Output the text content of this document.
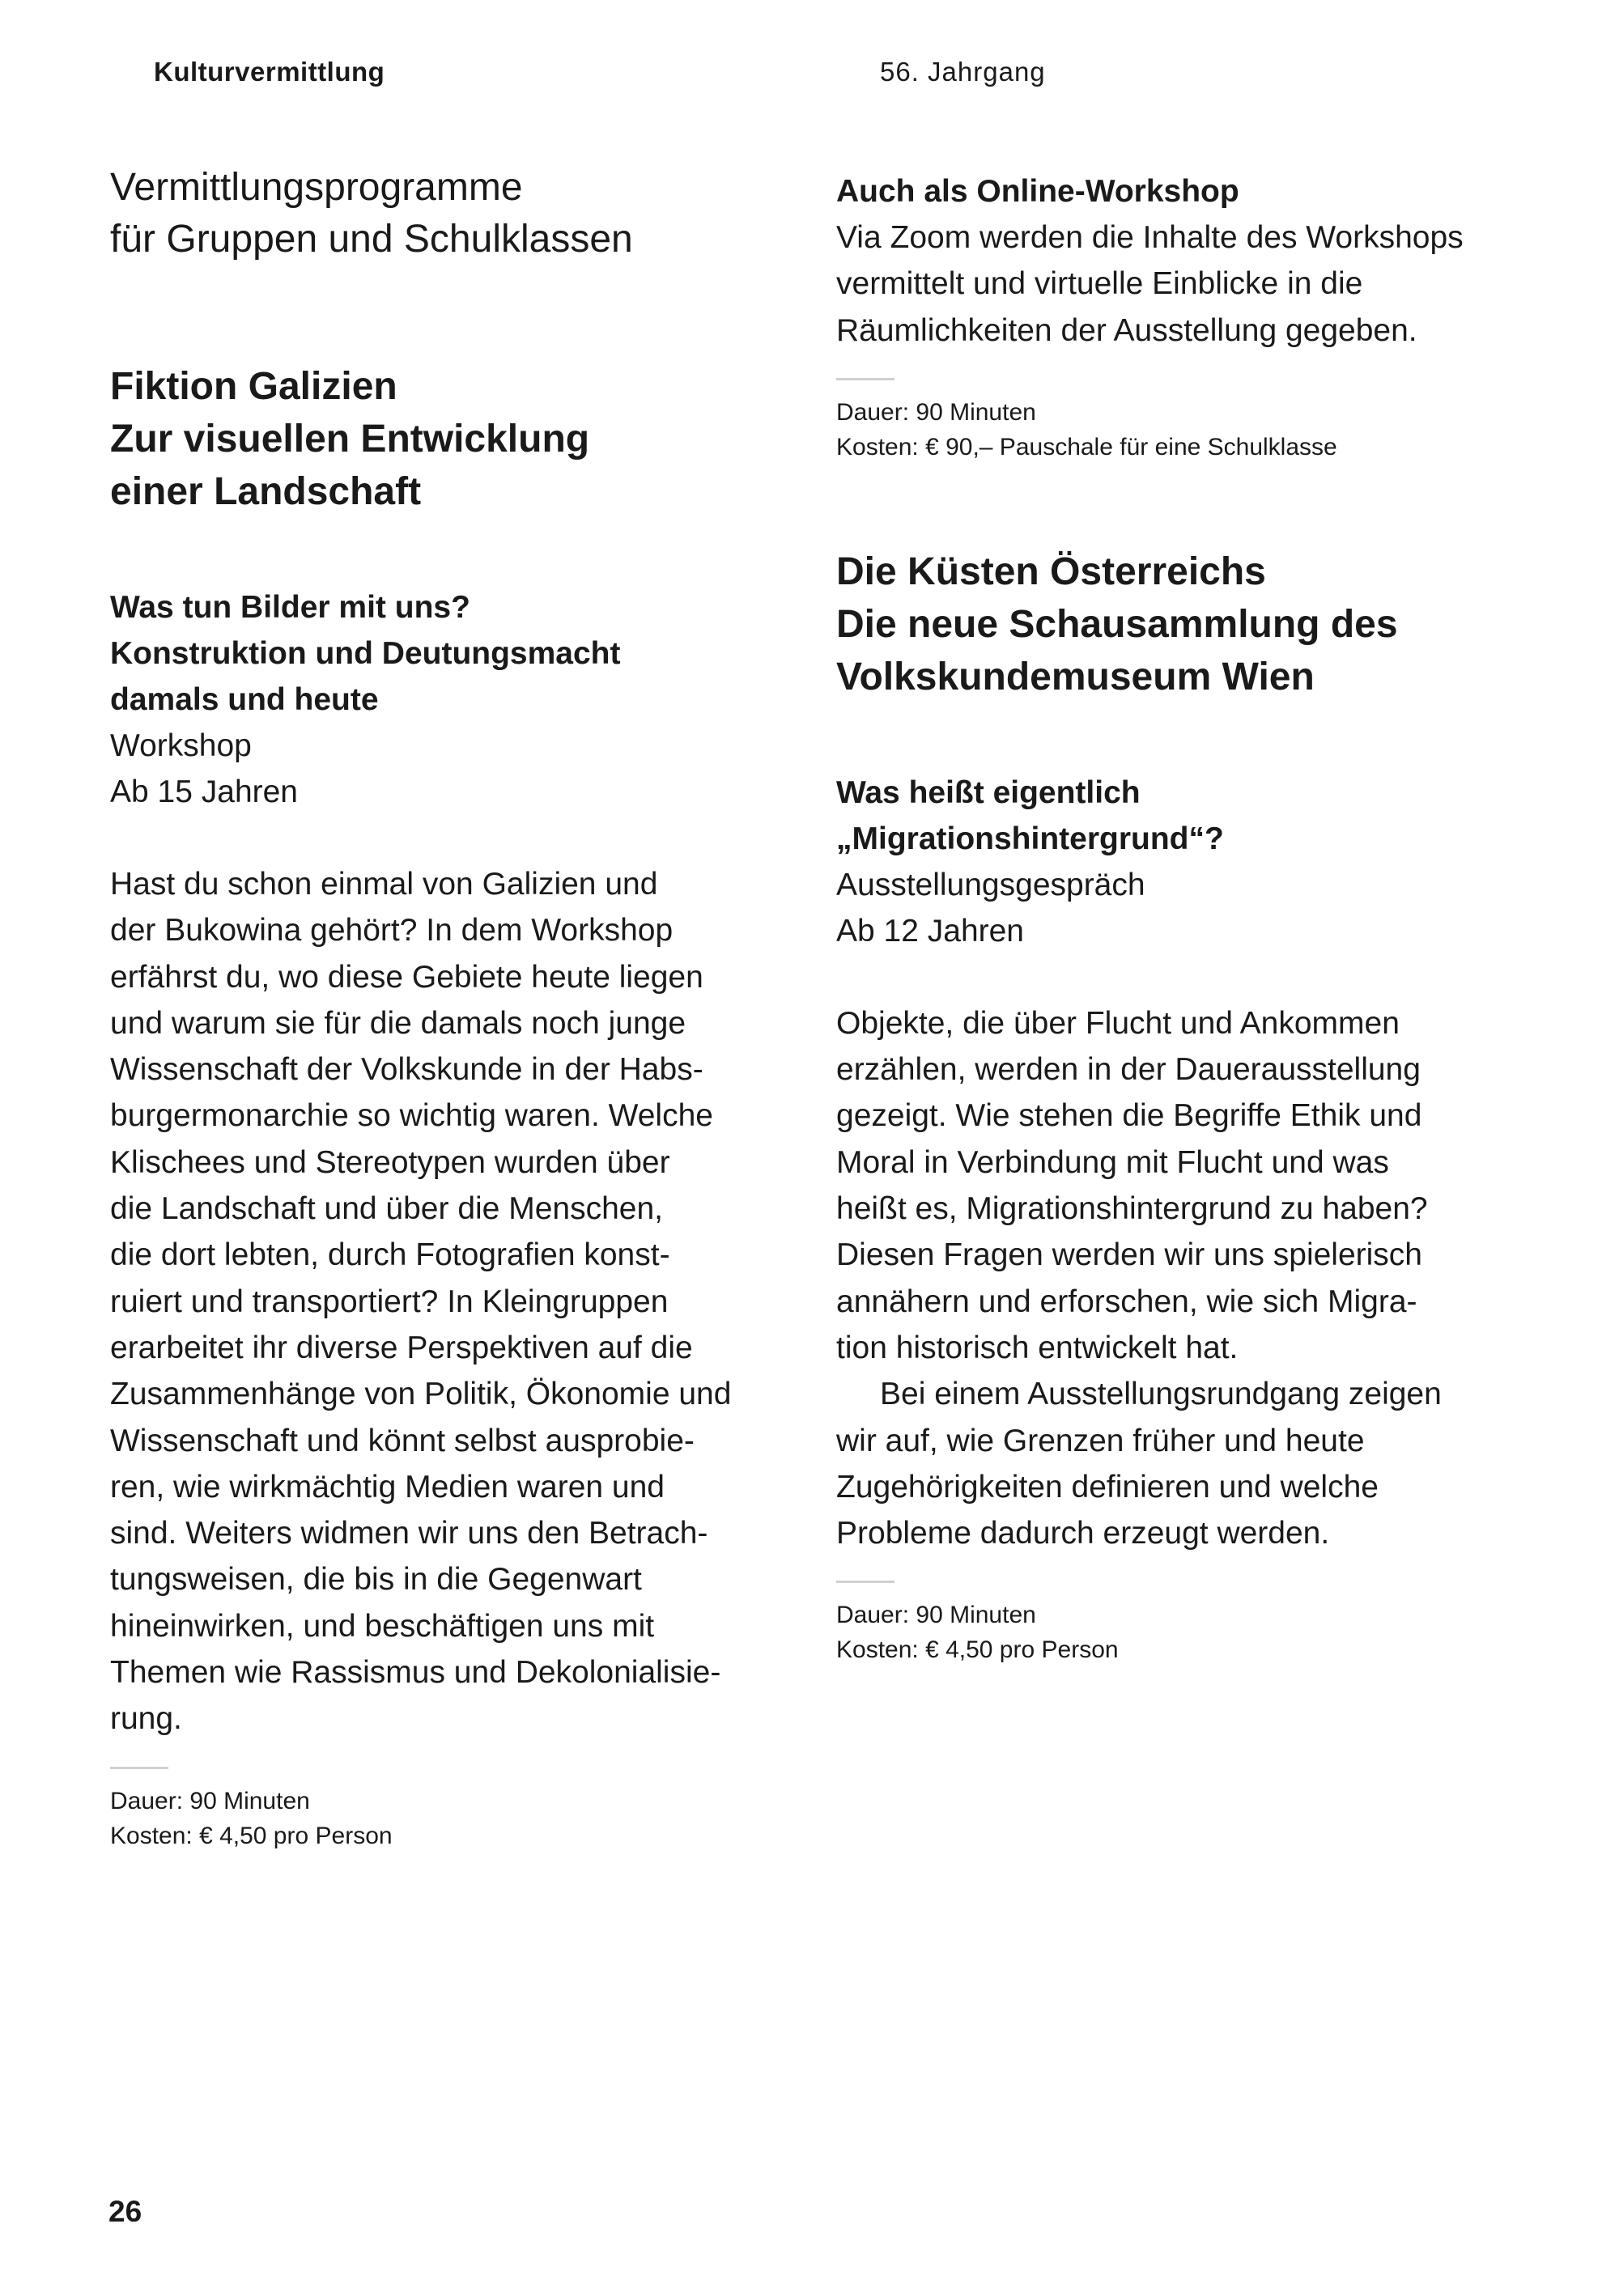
Kulturvermittlung	56. Jahrgang

Vermittlungsprogramme

für Gruppen und Schulklassen

Fiktion Galizien

Zur visuellen Entwicklung

einer Landschaft

Was tun Bilder mit uns?

Konstruktion und Deutungsmacht

damals und heute

Workshop

Ab 15 Jahren

Hast du schon einmal von Galizien und
der Bukowina gehört? In dem Workshop
erfährst du, wo diese Gebiete heute liegen
und warum sie für die damals noch junge
Wissenschaft der Volkskunde in der Habs-
burgermonarchie so wichtig waren. Welche
Klischees und Stereotypen wurden über
die Landschaft und über die Menschen,
die dort lebten, durch Fotografien konst-
ruiert und transportiert? In Kleingruppen
erarbeitet ihr diverse Perspektiven auf die
Zusammenhänge von Politik, Ökonomie und
Wissenschaft und könnt selbst ausprobie-
ren, wie wirkmächtig Medien waren und
sind. Weiters widmen wir uns den Betrach-
tungsweisen, die bis in die Gegenwart
hineinwirken, und beschäftigen uns mit
Themen wie Rassismus und Dekolonialisie-
rung.

Dauer: 90 Minuten

Kosten: € 4,50 pro Person

Auch als Online-Workshop

Via Zoom werden die Inhalte des Workshops
vermittelt und virtuelle Einblicke in die
Räumlichkeiten der Ausstellung gegeben.

Dauer: 90 Minuten

Kosten: € 90,– Pauschale für eine Schulklasse

Die Küsten Österreichs

Die neue Schausammlung des

Volkskundemuseum Wien

Was heißt eigentlich

„Migrationshintergrund“?

Ausstellungsgespräch

Ab 12 Jahren

Objekte, die über Flucht und Ankommen
erzählen, werden in der Dauerausstellung
gezeigt. Wie stehen die Begriffe Ethik und
Moral in Verbindung mit Flucht und was
heißt es, Migrationshintergrund zu haben?
Diesen Fragen werden wir uns spielerisch
annähern und erforschen, wie sich Migra-
tion historisch entwickelt hat.
Bei einem Ausstellungsrundgang zeigen
wir auf, wie Grenzen früher und heute
Zugehörigkeiten definieren und welche
Probleme dadurch erzeugt werden.

Dauer: 90 Minuten

Kosten: € 4,50 pro Person

26
